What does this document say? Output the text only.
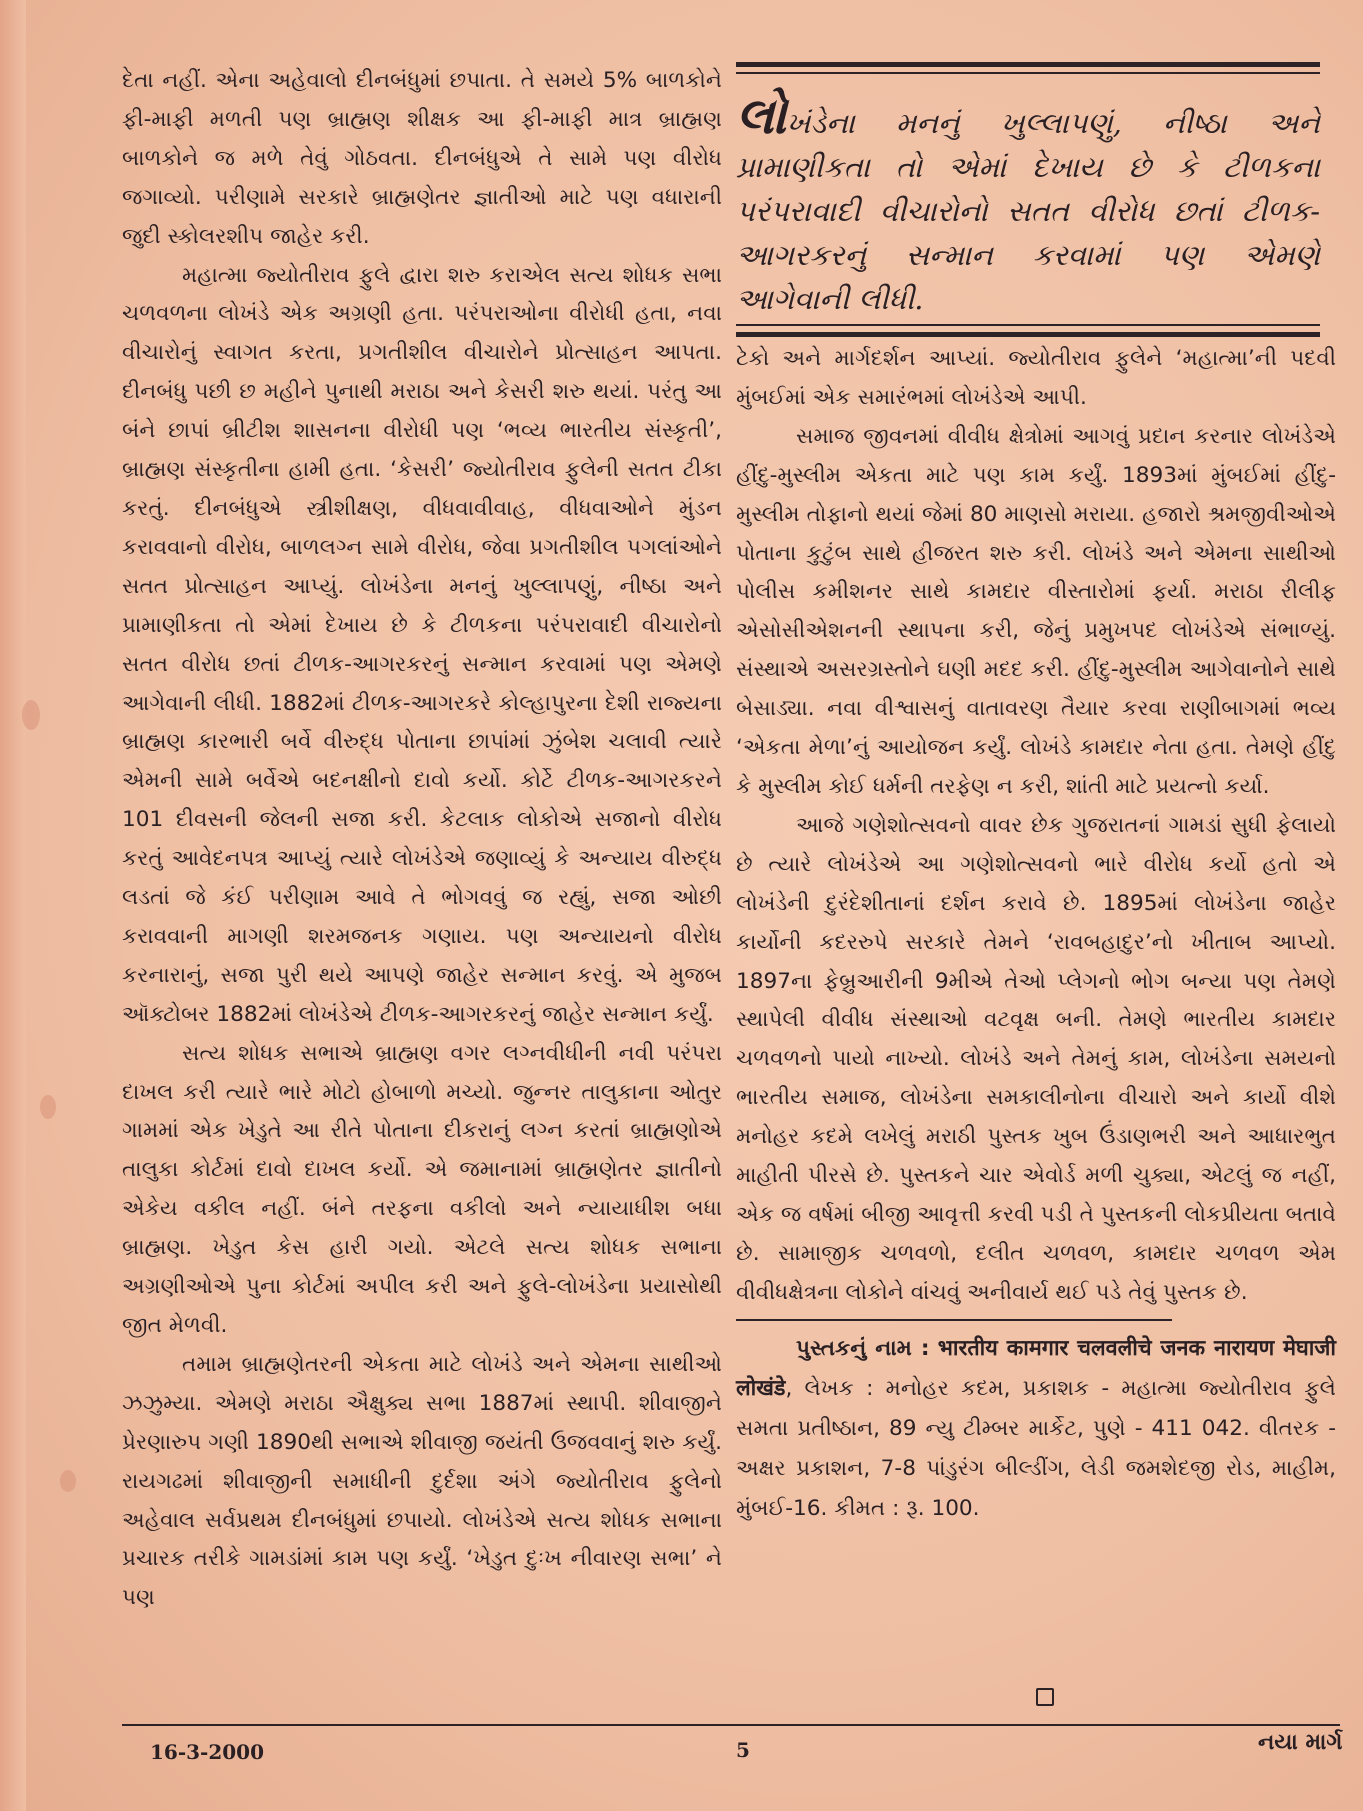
દેતા નહીં. એના અહેવાલો દીનબંધુમાં છપાતા. તે સમયે 5% બાળકોને ફી-માફી મળતી પણ બ્રાહ્મણ શીક્ષક આ ફી-માફી માત્ર બ્રાહ્મણ બાળકોને જ મળે તેવું ગોઠવતા. દીનબંધુએ તે સામે પણ વીરોધ જગાવ્યો. પરીણામે સરકારે બ્રાહ્મણેતર જ્ઞાતીઓ માટે પણ વધારાની જુદી સ્કોલરશીપ જાહેર કરી.

મહાત્મા જ્યોતીરાવ ફુલે દ્વારા શરુ કરાએલ સત્ય શોધક સભા ચળવળના લોખંડે એક અગ્રણી હતા. પરંપરાઓના વીરોધી હતા, નવા વીચારોનું સ્વાગત કરતા, પ્રગતીશીલ વીચારોને પ્રોત્સાહન આપતા. દીનબંધુ પછી છ મહીને પુનાથી મરાઠા અને કેસરી શરુ થયાં. પરંતુ આ બંને છાપાં બ્રીટીશ શાસનના વીરોધી પણ ‘ભવ્ય ભારતીય સંસ્કૃતી’, બ્રાહ્મણ સંસ્કૃતીના હામી હતા. ‘કેસરી’ જ્યોતીરાવ ફુલેની સતત ટીકા કરતું. દીનબંધુએ સ્ત્રીશીક્ષણ, વીધવાવીવાહ, વીધવાઓને મુંડન કરાવવાનો વીરોધ, બાળલગ્ન સામે વીરોધ, જેવા પ્રગતીશીલ પગલાંઓને સતત પ્રોત્સાહન આપ્યું. લોખંડેના મનનું ખુલ્લાપણું, નીષ્ઠા અને પ્રામાણીકતા તો એમાં દેખાય છે કે ટીળકના પરંપરાવાદી વીચારોનો સતત વીરોધ છતાં ટીળક-આગરકરનું સન્માન કરવામાં પણ એમણે આગેવાની લીધી. 1882માં ટીળક-આગરકરે કોલ્હાપુરના દેશી રાજ્યના બ્રાહ્મણ કારભારી બર્વે વીરુદ્ધ પોતાના છાપાંમાં ઝુંબેશ ચલાવી ત્યારે એમની સામે બર્વેએ બદનક્ષીનો દાવો કર્યો. કોર્ટે ટીળક-આગરકરને 101 દીવસની જેલની સજા કરી. કેટલાક લોકોએ સજાનો વીરોધ કરતું આવેદનપત્ર આપ્યું ત્યારે લોખંડેએ જણાવ્યું કે અન્યાય વીરુદ્ધ લડતાં જે કંઈ પરીણામ આવે તે ભોગવવું જ રહ્યું, સજા ઓછી કરાવવાની માગણી શરમજનક ગણાય. પણ અન્યાયનો વીરોધ કરનારાનું, સજા પુરી થયે આપણે જાહેર સન્માન કરવું. એ મુજબ ઑક્ટોબર 1882માં લોખંડેએ ટીળક-આગરકરનું જાહેર સન્માન કર્યું.

સત્ય શોધક સભાએ બ્રાહ્મણ વગર લગ્નવીધીની નવી પરંપરા દાખલ કરી ત્યારે ભારે મોટો હોબાળો મચ્યો. જુન્નર તાલુકાના ઓતુર ગામમાં એક ખેડુતે આ રીતે પોતાના દીકરાનું લગ્ન કરતાં બ્રાહ્મણોએ તાલુકા કોર્ટમાં દાવો દાખલ કર્યો. એ જમાનામાં બ્રાહ્મણેતર જ્ઞાતીનો એકેય વકીલ નહીં. બંને તરફના વકીલો અને ન્યાયાધીશ બધા બ્રાહ્મણ. ખેડુત કેસ હારી ગયો. એટલે સત્ય શોધક સભાના અગ્રણીઓએ પુના કોર્ટમાં અપીલ કરી અને ફુલે-લોખંડેના પ્રયાસોથી જીત મેળવી.

તમામ બ્રાહ્મણેતરની એકતા માટે લોખંડે અને એમના સાથીઓ ઝઝુમ્યા. એમણે મરાઠા ઐક્ષુક્ય સભા 1887માં સ્થાપી. શીવાજીને પ્રેરણારુપ ગણી 1890થી સભાએ શીવાજી જયંતી ઉજવવાનું શરુ કર્યું. રાયગઢમાં શીવાજીની સમાધીની દુર્દશા અંગે જ્યોતીરાવ ફુલેનો અહેવાલ સર્વપ્રથમ દીનબંધુમાં છપાયો. લોખંડેએ સત્ય શોધક સભાના પ્રચારક તરીકે ગામડાંમાં કામ પણ કર્યું. ‘ખેડુત દુઃખ નીવારણ સભા’ ને પણ

લોખંડેના મનનું ખુલ્લાપણું, નીષ્ઠા અને પ્રામાણીકતા તો એમાં દેખાય છે કે ટીળકના પરંપરાવાદી વીચારોનો સતત વીરોધ છતાં ટીળક-આગરકરનું સન્માન કરવામાં પણ એમણે આગેવાની લીધી.

ટેકો અને માર્ગદર્શન આપ્યાં. જ્યોતીરાવ ફુલેને ‘મહાત્મા’ની પદવી મુંબઈમાં એક સમારંભમાં લોખંડેએ આપી.

સમાજ જીવનમાં વીવીધ ક્ષેત્રોમાં આગવું પ્રદાન કરનાર લોખંડેએ હીંદુ-મુસ્લીમ એકતા માટે પણ કામ કર્યું. 1893માં મુંબઈમાં હીંદુ-મુસ્લીમ તોફાનો થયાં જેમાં 80 માણસો મરાયા. હજારો શ્રમજીવીઓએ પોતાના કુટુંબ સાથે હીજરત શરુ કરી. લોખંડે અને એમના સાથીઓ પોલીસ કમીશનર સાથે કામદાર વીસ્તારોમાં ફર્યા. મરાઠા રીલીફ એસોસીએશનની સ્થાપના કરી, જેનું પ્રમુખપદ લોખંડેએ સંભાળ્યું. સંસ્થાએ અસરગ્રસ્તોને ઘણી મદદ કરી. હીંદુ-મુસ્લીમ આગેવાનોને સાથે બેસાડ્યા. નવા વીશ્વાસનું વાતાવરણ તૈયાર કરવા રાણીબાગમાં ભવ્ય ‘એકતા મેળા’નું આયોજન કર્યું. લોખંડે કામદાર નેતા હતા. તેમણે હીંદુ કે મુસ્લીમ કોઈ ધર્મની તરફેણ ન કરી, શાંતી માટે પ્રયત્નો કર્યા.

આજે ગણેશોત્સવનો વાવર છેક ગુજરાતનાં ગામડાં સુધી ફેલાયો છે ત્યારે લોખંડેએ આ ગણેશોત્સવનો ભારે વીરોધ કર્યો હતો એ લોખંડેની દુરંદેશીતાનાં દર્શન કરાવે છે. 1895માં લોખંડેના જાહેર કાર્યોની કદરરુપે સરકારે તેમને ‘રાવબહાદુર’નો ખીતાબ આપ્યો. 1897ના ફેબ્રુઆરીની 9મીએ તેઓ પ્લેગનો ભોગ બન્યા પણ તેમણે સ્થાપેલી વીવીધ સંસ્થાઓ વટવૃક્ષ બની. તેમણે ભારતીય કામદાર ચળવળનો પાયો નાખ્યો. લોખંડે અને તેમનું કામ, લોખંડેના સમયનો ભારતીય સમાજ, લોખંડેના સમકાલીનોના વીચારો અને કાર્યો વીશે મનોહર કદમે લખેલું મરાઠી પુસ્તક ખુબ ઉંડાણભરી અને આધારભુત માહીતી પીરસે છે. પુસ્તકને ચાર એવોર્ડ મળી ચુક્યા, એટલું જ નહીં, એક જ વર્ષમાં બીજી આવૃત્તી કરવી પડી તે પુસ્તકની લોકપ્રીયતા બતાવે છે. સામાજીક ચળવળો, દલીત ચળવળ, કામદાર ચળવળ એમ વીવીધક્ષેત્રના લોકોને વાંચવું અનીવાર્ય થઈ પડે તેવું પુસ્તક છે.

પુસ્તકનું નામ : भारतीय कामगार चलवलीचे जनक नारायण मेघाजी लोखंडे, લેખક : મનોહર કદમ, પ્રકાશક - મહાત્મા જ્યોતીરાવ ફુલે સમતા પ્રતીષ્ઠાન, 89 ન્યુ ટીમ્બર માર્કેટ, પુણે - 411 042. વીતરક - અક્ષર પ્રકાશન, 7-8 પાંડુરંગ બીલ્ડીંગ, લેડી જમશેદજી રોડ, માહીમ, મુંબઈ-16. કીમત : રૂ. 100.

16-3-2000	5	નયા માર્ગ
